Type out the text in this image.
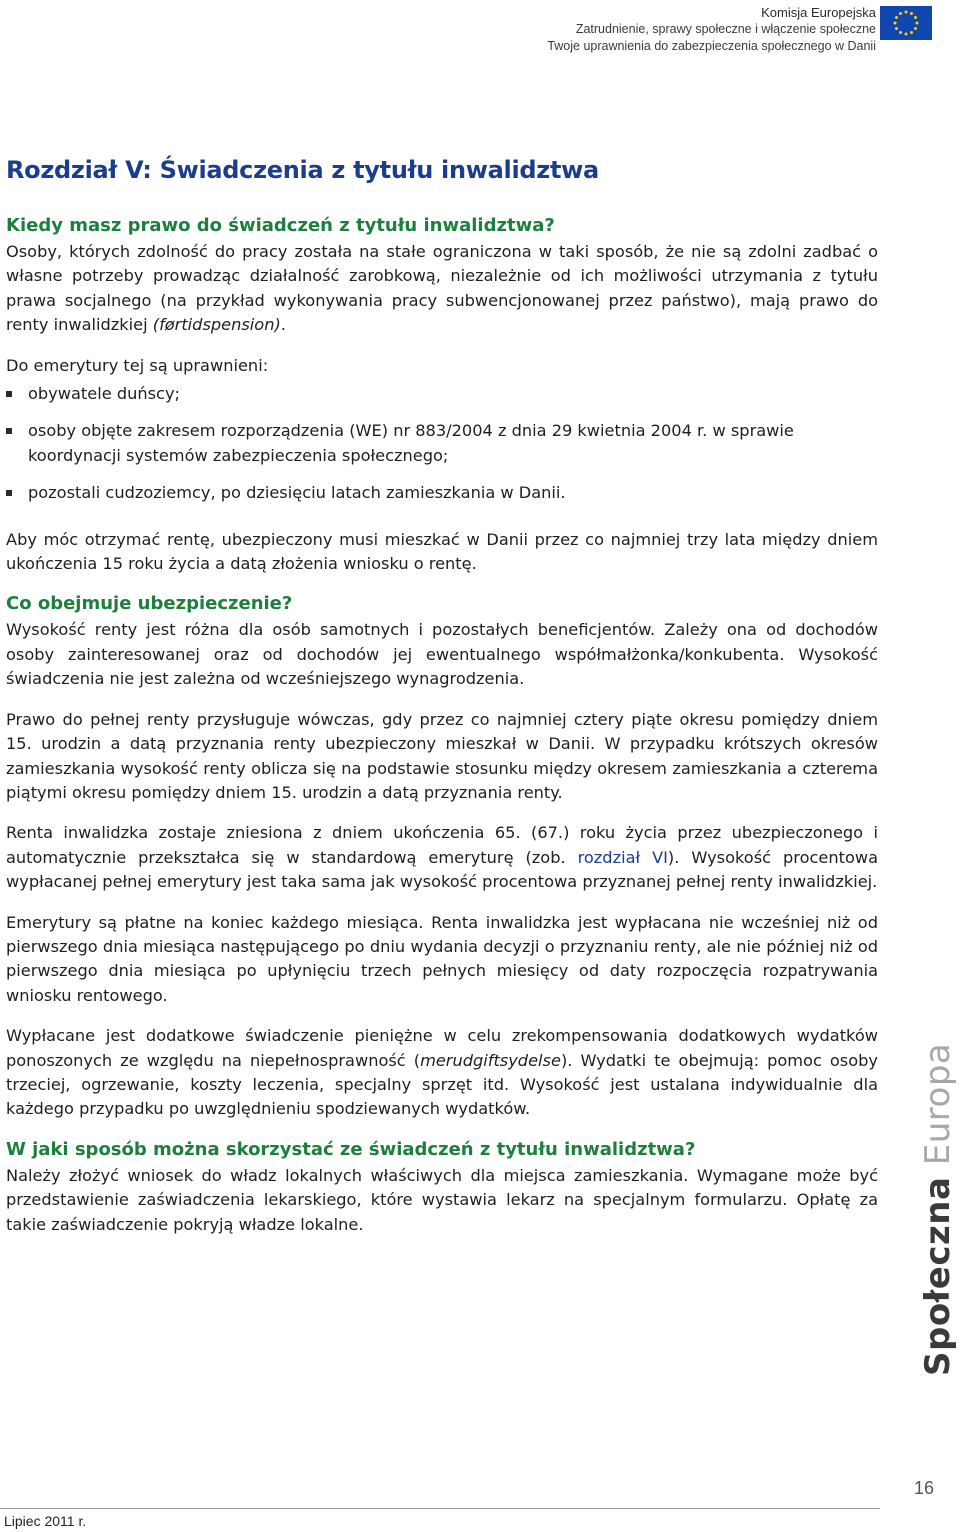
Komisja Europejska
Zatrudnienie, sprawy społeczne i włączenie społeczne
Twoje uprawnienia do zabezpieczenia społecznego w Danii
Rozdział V: Świadczenia z tytułu inwalidztwa
Kiedy masz prawo do świadczeń z tytułu inwalidztwa?

Osoby, których zdolność do pracy została na stałe ograniczona w taki sposób, że nie są zdolni zadbać o własne potrzeby prowadząc działalność zarobkową, niezależnie od ich możliwości utrzymania z tytułu prawa socjalnego (na przykład wykonywania pracy subwencjonowanej przez państwo), mają prawo do renty inwalidzkiej (førtidspension).

Do emerytury tej są uprawnieni:

obywatele duńscy;
osoby objęte zakresem rozporządzenia (WE) nr 883/2004 z dnia 29 kwietnia 2004 r. w sprawie koordynacji systemów zabezpieczenia społecznego;
pozostali cudzoziemcy, po dziesięciu latach zamieszkania w Danii.

Aby móc otrzymać rentę, ubezpieczony musi mieszkać w Danii przez co najmniej trzy lata między dniem ukończenia 15 roku życia a datą złożenia wniosku o rentę.

Co obejmuje ubezpieczenie?

Wysokość renty jest różna dla osób samotnych i pozostałych beneficjentów. Zależy ona od dochodów osoby zainteresowanej oraz od dochodów jej ewentualnego współmałżonka/konkubenta. Wysokość świadczenia nie jest zależna od wcześniejszego wynagrodzenia.

Prawo do pełnej renty przysługuje wówczas, gdy przez co najmniej cztery piąte okresu pomiędzy dniem 15. urodzin a datą przyznania renty ubezpieczony mieszkał w Danii. W przypadku krótszych okresów zamieszkania wysokość renty oblicza się na podstawie stosunku między okresem zamieszkania a czterema piątymi okresu pomiędzy dniem 15. urodzin a datą przyznania renty.

Renta inwalidzka zostaje zniesiona z dniem ukończenia 65. (67.) roku życia przez ubezpieczonego i automatycznie przekształca się w standardową emeryturę (zob. rozdział VI). Wysokość procentowa wypłacanej pełnej emerytury jest taka sama jak wysokość procentowa przyznanej pełnej renty inwalidzkiej.

Emerytury są płatne na koniec każdego miesiąca. Renta inwalidzka jest wypłacana nie wcześniej niż od pierwszego dnia miesiąca następującego po dniu wydania decyzji o przyznaniu renty, ale nie później niż od pierwszego dnia miesiąca po upłynięciu trzech pełnych miesięcy od daty rozpoczęcia rozpatrywania wniosku rentowego.

Wypłacane jest dodatkowe świadczenie pieniężne w celu zrekompensowania dodatkowych wydatków ponoszonych ze względu na niepełnosprawność (merudgiftsydelse). Wydatki te obejmują: pomoc osoby trzeciej, ogrzewanie, koszty leczenia, specjalny sprzęt itd. Wysokość jest ustalana indywidualnie dla każdego przypadku po uwzględnieniu spodziewanych wydatków.

W jaki sposób można skorzystać ze świadczeń z tytułu inwalidztwa?

Należy złożyć wniosek do władz lokalnych właściwych dla miejsca zamieszkania. Wymagane może być przedstawienie zaświadczenia lekarskiego, które wystawia lekarz na specjalnym formularzu. Opłatę za takie zaświadczenie pokryją władze lokalne.	Społeczna Europa
16
Lipiec 2011 r.
